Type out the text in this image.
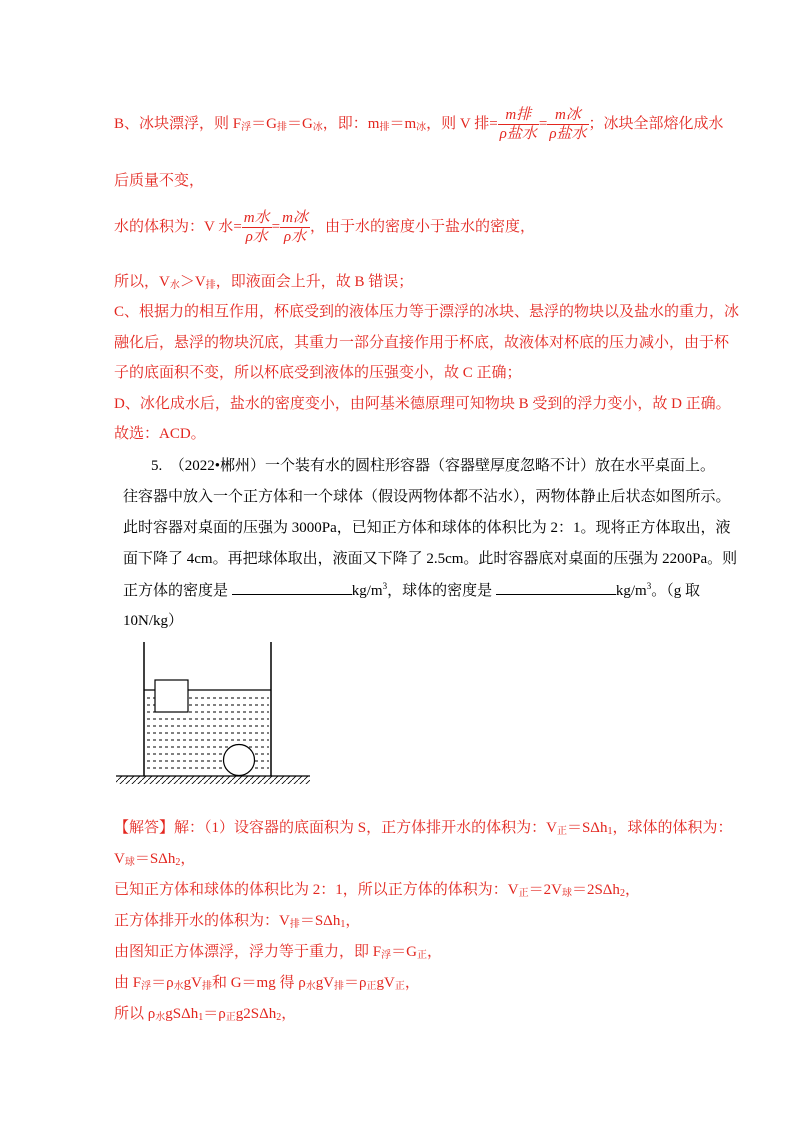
B、冰块漂浮，则 $F_浮=G_排=G_冰$，即：$m_排=m_冰$，则 V 排= $\frac{\text{m排}}{\text{ρ盐水}} = \frac{\text{m冰}}{\text{ρ盐水}}$ ；冰块全部熔化成水
后质量不变，
水的体积为：V 水= $\frac{\text{m水}}{\text{ρ水}} = \frac{\text{m冰}}{\text{ρ水}}$ ，由于水的密度小于盐水的密度，
所以，$V_水>V_排$，即液面会上升，故 B 错误；
C、根据力的相互作用，杯底受到的液体压力等于漂浮的冰块、悬浮的物块以及盐水的重力，冰
融化后，悬浮的物块沉底，其重力一部分直接作用于杯底，故液体对杯底的压力减小，由于杯
子的底面积不变，所以杯底受到液体的压强变小，故 C 正确；
D、冰化成水后，盐水的密度变小，由阿基米德原理可知物块 B 受到的浮力变小，故 D 正确。
故选：ACD。
5.　（2022•郴州）一个装有水的圆柱形容器（容器壁厚度忽略不计）放在水平桌面上。
往容器中放入一个正方体和一个球体（假设两物体都不沾水），两物体静止后状态如图所示。
此时容器对桌面的压强为 3000Pa，已知正方体和球体的体积比为 2：1。现将正方体取出，液
面下降了 4cm。再把球体取出，液面又下降了 2.5cm。此时容器底对桌面的压强为 2200Pa。则
正方体的密度是	$kg/m^3$，球体的密度是	$kg/m^3$。（g 取
10N/kg）
【解答】解：（1）设容器的底面积为 S，正方体排开水的体积为：$V_正=S\Delta h_1$，球体的体积为：
$V_球=S\Delta h_2$，
已知正方体和球体的体积比为 2：1，所以正方体的体积为：$V_正=2V_球=2S\Delta h_2$，
正方体排开水的体积为：$V_排=S\Delta h_1$，
由图知正方体漂浮，浮力等于重力，即 $F_浮=G_正$，
由 $F_浮=\rho_水gV_排$和 G＝mg 得 $\rho_水gV_排=\rho_正gV_正$，
所以 $\rho_水gS\Delta h_1=\rho_正g2S\Delta h_2$，
